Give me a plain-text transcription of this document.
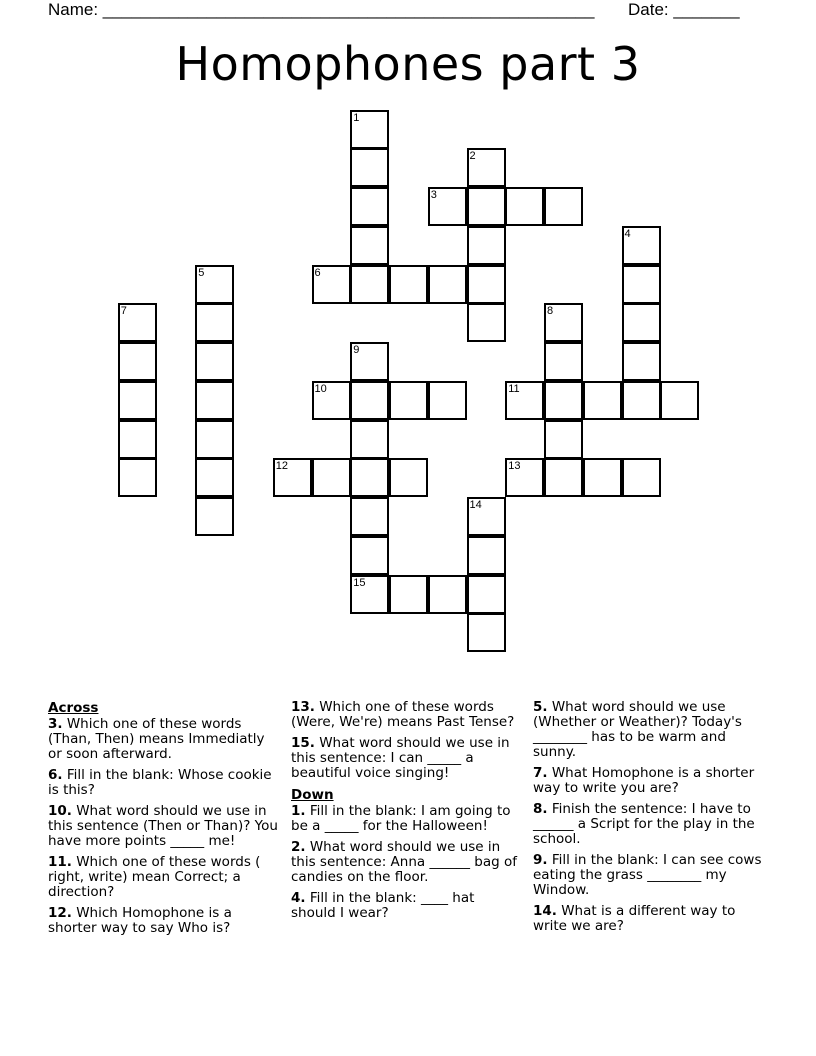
Name: ____________________________________________________ Date: _______
Homophones part 3
1
2
3
4
5	6
7	8
9
15
10	11
12	13
14

Across

3. Which one of these words (Than, Then) means Immediatly or soon afterward.

6. Fill in the blank: Whose cookie is this?

10. What word should we use in this sentence (Then or Than)? You have more points _____ me!

11. Which one of these words ( right, write) mean Correct; a direction?

12. Which Homophone is a shorter way to say Who is?

13. Which one of these words (Were, We're) means Past Tense?

15. What word should we use in this sentence: I can _____ a beautiful voice singing!

Down

1. Fill in the blank: I am going to be a _____ for the Halloween!

2. What word should we use in this sentence: Anna ______ bag of candies on the floor.

4. Fill in the blank: ____ hat should I wear?

5. What word should we use (Whether or Weather)? Today's ________ has to be warm and sunny.

7. What Homophone is a shorter way to write you are?

8. Finish the sentence: I have to ______ a Script for the play in the school.

9. Fill in the blank: I can see cows eating the grass ________ my Window.

14. What is a different way to write we are?
